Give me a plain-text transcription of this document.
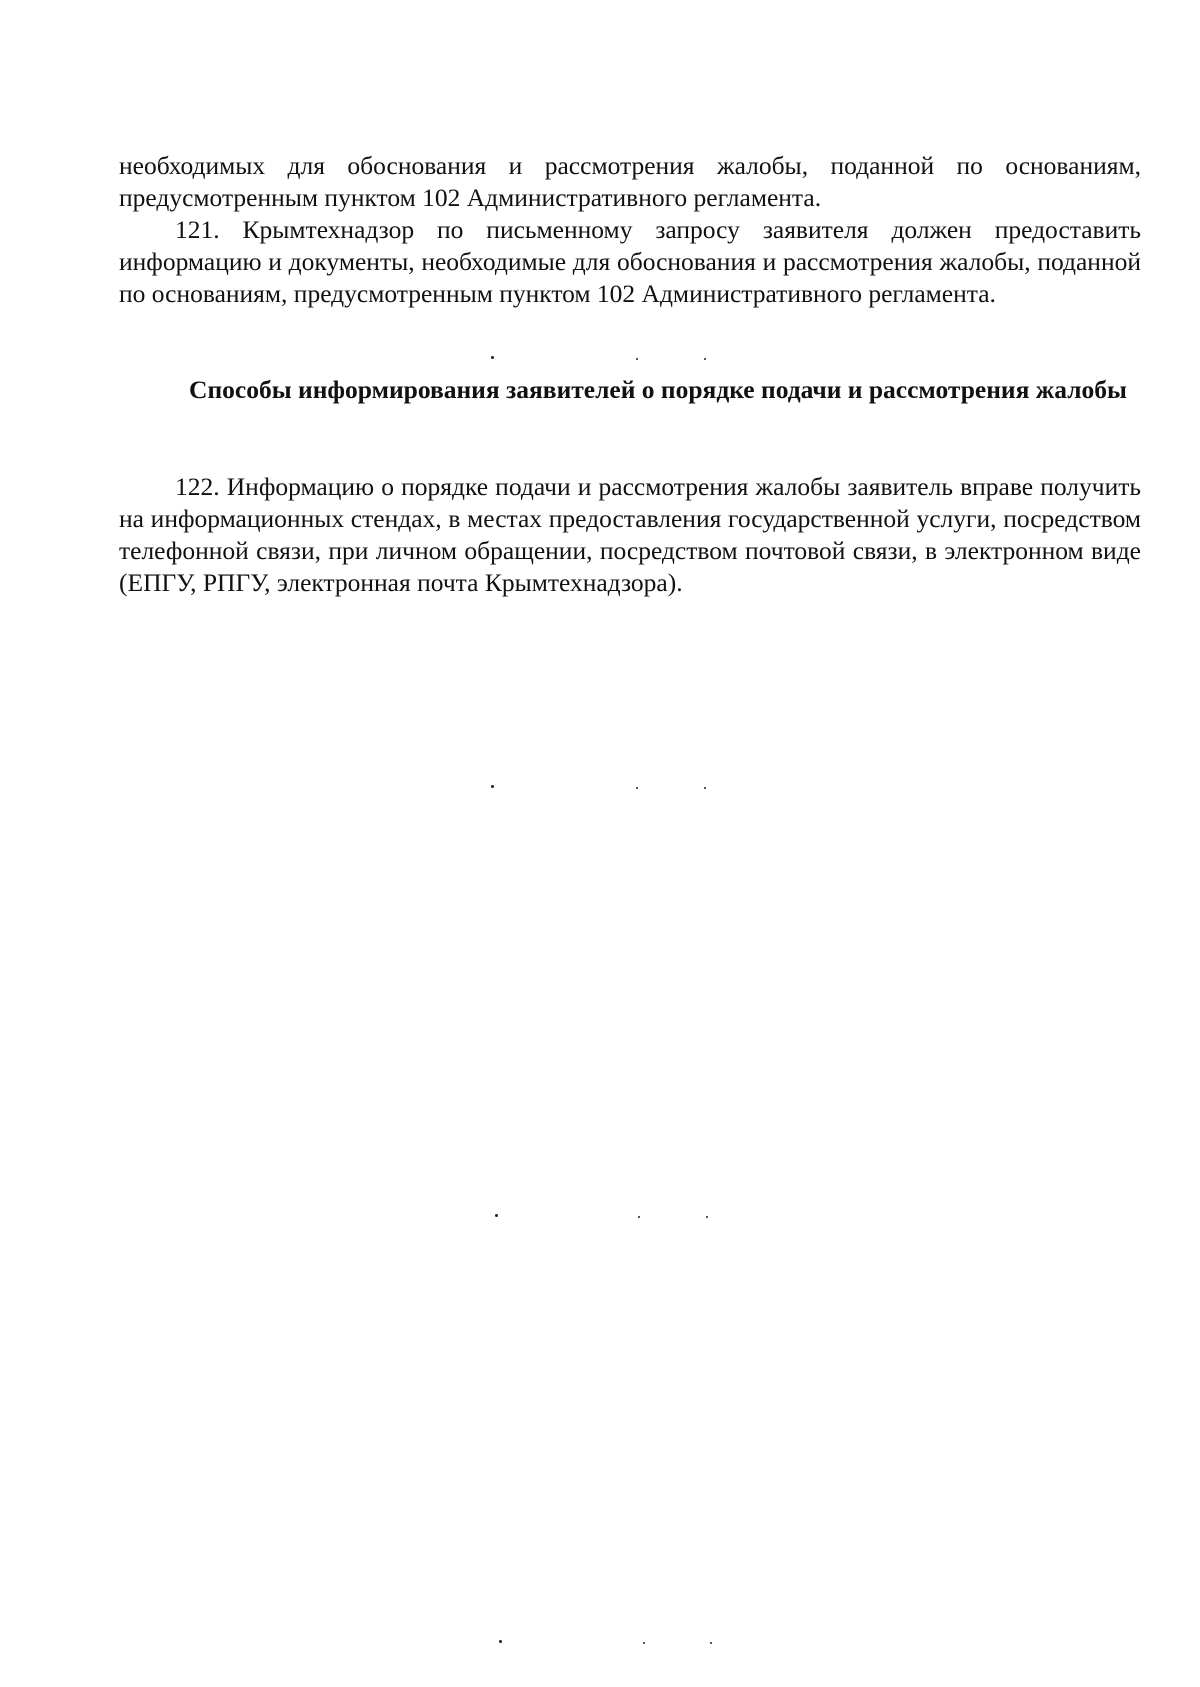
необходимых для обоснования и рассмотрения жалобы, поданной по основаниям, предусмотренным пунктом 102 Административного регламента.

121. Крымтехнадзор по письменному запросу заявителя должен предоставить информацию и документы, необходимые для обоснования и рассмотрения жалобы, поданной по основаниям, предусмотренным пунктом 102 Административного регламента.

Способы информирования заявителей о порядке подачи и рассмотрения жалобы

122. Информацию о порядке подачи и рассмотрения жалобы заявитель вправе получить на информационных стендах, в местах предоставления государственной услуги, посредством телефонной связи, при личном обращении, посредством почтовой связи, в электронном виде (ЕПГУ, РПГУ, электронная почта Крымтехнадзора).
